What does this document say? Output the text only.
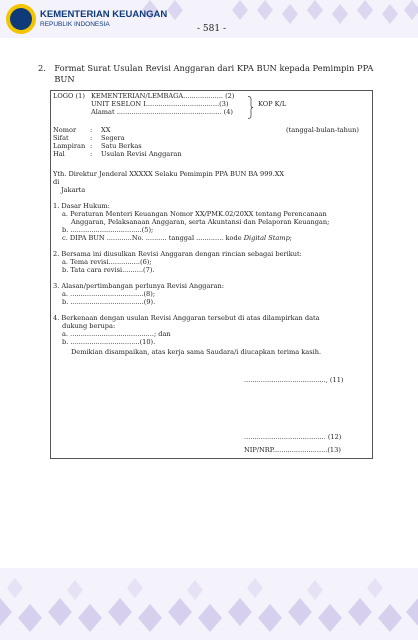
KEMENTERIAN KEUANGAN
REPUBLIK INDONESIA	- 581 -
2.	Format Surat Usulan Revisi Anggaran dari KPA BUN kepada Pemimpin PPA BUN
LOGO (1) KEMENTERIAN/LEMBAGA................... (2)
UNIT ESELON I...................................(3)
Alamat .................................................. (4)
KOP K/L
Nomor : XX	(tanggal-bulan-tahun)
Sifat	: Segera
Lampiran : Satu Berkas
Hal	: Usulan Revisi Anggaran
Yth. Direktur Jenderal XXXXX Selaku Pemimpin PPA BUN BA 999.XX
di
Jakarta
1. Dasar Hukum:
a. Peraturan Menteri Keuangan Nomor XX/PMK.02/20XX tentang Perencanaan
Anggaran, Pelaksanaan Anggaran, serta Akuntansi dan Pelaporan Keuangan;
b. ..................................(5);
c. DIPA BUN ............No. .......... tanggal ............. kode Digital Stamp;
2. Bersama ini diusulkan Revisi Anggaran dengan rincian sebagai berikut:
a. Tema revisi...............(6);
b. Tata cara revisi..........(7).
3. Alasan/pertimbangan perlunya Revisi Anggaran:
a. ...................................(8);
b. ...................................(9).
4. Berkenaan dengan usulan Revisi Anggaran tersebut di atas dilampirkan data
dukung berupa:
a. ........................................; dan
b. .................................(10).
Demikian disampaikan, atas kerja sama Saudara/i diucapkan terima kasih.
......................................., (11)
....................................... (12)
NIP/NRP..........................(13)
